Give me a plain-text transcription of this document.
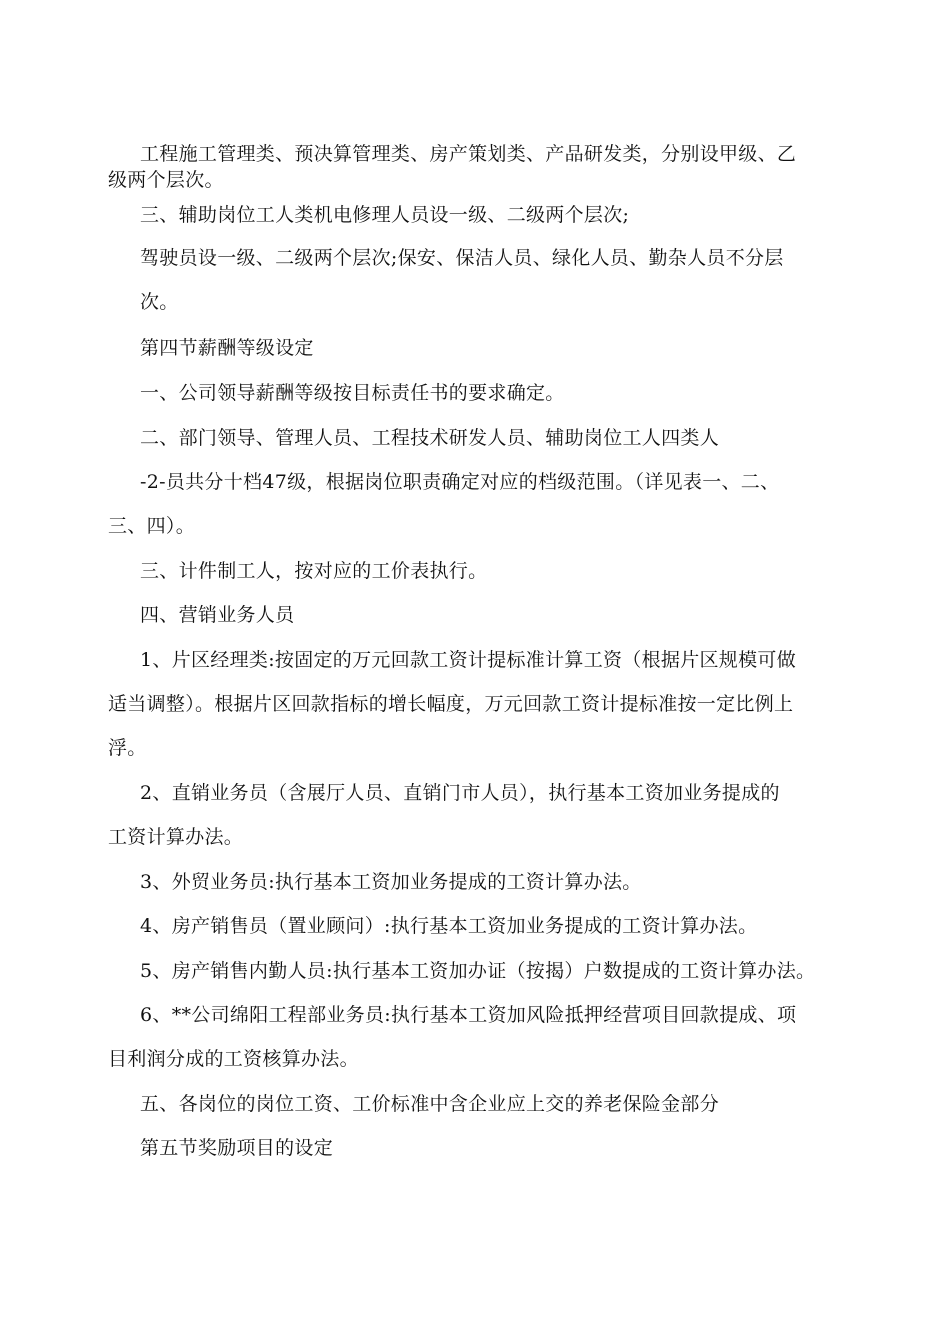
工程施工管理类、预决算管理类、房产策划类、产品研发类，分别设甲级、乙
级两个层次。
三、辅助岗位工人类机电修理人员设一级、二级两个层次;
驾驶员设一级、二级两个层次;保安、保洁人员、绿化人员、勤杂人员不分层
次。
第四节薪酬等级设定
一、公司领导薪酬等级按目标责任书的要求确定。
二、部门领导、管理人员、工程技术研发人员、辅助岗位工人四类人
-2-员共分十档47级，根据岗位职责确定对应的档级范围。（详见表一、二、
三、四）。
三、计件制工人，按对应的工价表执行。
四、营销业务人员
1、片区经理类:按固定的万元回款工资计提标准计算工资（根据片区规模可做
适当调整）。根据片区回款指标的增长幅度，万元回款工资计提标准按一定比例上
浮。
2、直销业务员（含展厅人员、直销门市人员），执行基本工资加业务提成的
工资计算办法。
3、外贸业务员:执行基本工资加业务提成的工资计算办法。
4、房产销售员（置业顾问）:执行基本工资加业务提成的工资计算办法。
5、房产销售内勤人员:执行基本工资加办证（按揭）户数提成的工资计算办法。
6、**公司绵阳工程部业务员:执行基本工资加风险抵押经营项目回款提成、项
目利润分成的工资核算办法。
五、各岗位的岗位工资、工价标准中含企业应上交的养老保险金部分
第五节奖励项目的设定
